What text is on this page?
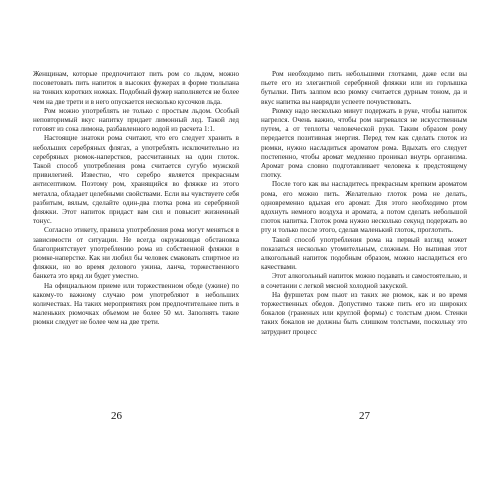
Женщинам, которые предпочитают пить ром со льдом, можно посоветовать пить напиток в высоких фужерах в форме тюльпана на тонких коротких ножках. Подобный фужер наполняется не более чем на две трети и в него опускается несколько кусочков льда.

Ром можно употреблять не только с простым льдом. Особый неповторимый вкус напитку придает лимонный лед. Такой лед готовят из сока лимона, разбавленного водой из расчета 1:1.

Настоящие знатоки рома считают, что его следует хранить в небольших серебряных флягах, а употреблять исключительно из серебряных рюмок-наперстков, рассчитанных на один глоток. Такой способ употребления рома считается сугубо мужской привилегией. Известно, что серебро является прекрасным антисептиком. Поэтому ром, хранящийся во фляжке из этого металла, обладает целебными свойствами. Если вы чувствуете себя разбитым, вялым, сделайте один-два глотка рома из серебряной фляжки. Этот напиток придаст вам сил и повысит жизненный тонус.

Согласно этикету, правила употребления рома могут меняться в зависимости от ситуации. Не всегда окружающая обстановка благоприятствует употреблению рома из собственной фляжки в рюмке-наперстке. Как ни любил бы человек смаковать спиртное из фляжки, но во время делового ужина, ланча, торжественного банкета это вряд ли будет уместно.

На официальном приеме или торжественном обеде (ужине) по какому-то важному случаю ром употребляют в небольших количествах. На таких мероприятиях ром предпочтительнее пить в маленьких рюмочках объемом не более 50 мл. Заполнять такие рюмки следует не более чем на две трети.

26

Ром необходимо пить небольшими глотками, даже если вы пьете его из элегантной серебряной фляжки или из горлышка бутылки. Пить залпом всю рюмку считается дурным тоном, да и вкус напитка вы наврядли успеете почувствовать.

Рюмку надо несколько минут подержать в руке, чтобы напиток нагрелся. Очень важно, чтобы ром нагревался не искусственным путем, а от теплоты человеческой руки. Таким образом рому передается позитивная энергия. Перед тем как сделать глоток из рюмки, нужно насладиться ароматом рома. Вдыхать его следует постепенно, чтобы аромат медленно проникал внутрь организма. Аромат рома словно подготавливает человека к предстоящему глотку.

После того как вы насладитесь прекрасным крепким ароматом рома, его можно пить. Желательно глоток рома не делать, одновременно вдыхая его аромат. Для этого необходимо ртом вдохнуть немного воздуха и аромата, а потом сделать небольшой глоток напитка. Глоток рома нужно несколько секунд подержать во рту и только после этого, сделав маленький глоток, проглотить.

Такой способ употребления рома на первый взгляд может показаться несколько утомительным, сложным. Но выпивая этот алкогольный напиток подобным образом, можно насладиться его качествами.

Этот алкогольный напиток можно подавать и самостоятельно, и в сочетании с легкой мясной холодной закуской.

На фуршетах ром пьют из таких же рюмок, как и во время торжественных обедов. Допустимо также пить его из широких бокалов (граненых или круглой формы) с толстым дном. Стенки таких бокалов не должны быть слишком толстыми, поскольку это затруднит процесс

27
